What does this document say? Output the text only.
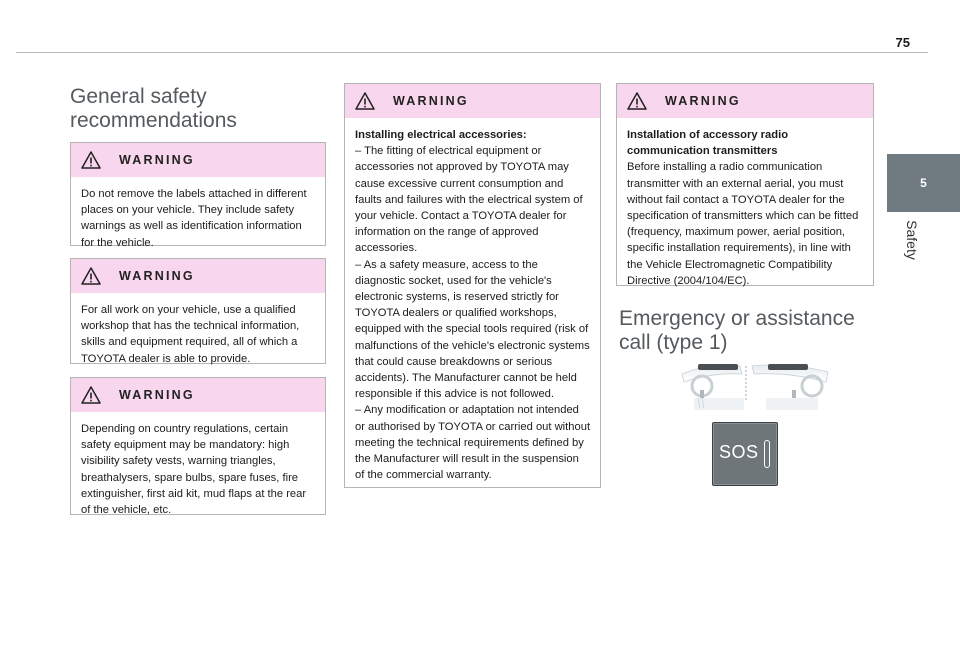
75
5
Safety
General safety
recommendations
WARNING

Do not remove the labels attached in different places on your vehicle. They include safety warnings as well as identification information for the vehicle.

WARNING

For all work on your vehicle, use a qualified workshop that has the technical information, skills and equipment required, all of which a TOYOTA dealer is able to provide.

WARNING

Depending on country regulations, certain safety equipment may be mandatory: high visibility safety vests, warning triangles, breathalysers, spare bulbs, spare fuses, fire extinguisher, first aid kit, mud flaps at the rear of the vehicle, etc.

WARNING

Installing electrical accessories:

– The fitting of electrical equipment or accessories not approved by TOYOTA may cause excessive current consumption and faults and failures with the electrical system of your vehicle. Contact a TOYOTA dealer for information on the range of approved accessories.

– As a safety measure, access to the diagnostic socket, used for the vehicle's electronic systems, is reserved strictly for TOYOTA dealers or qualified workshops, equipped with the special tools required (risk of malfunctions of the vehicle's electronic systems that could cause breakdowns or serious accidents). The Manufacturer cannot be held responsible if this advice is not followed.

– Any modification or adaptation not intended or authorised by TOYOTA or carried out without meeting the technical requirements defined by the Manufacturer will result in the suspension of the commercial warranty.

WARNING

Installation of accessory radio communication transmitters

Before installing a radio communication transmitter with an external aerial, you must without fail contact a TOYOTA dealer for the specification of transmitters which can be fitted (frequency, maximum power, aerial position, specific installation requirements), in line with the Vehicle Electromagnetic Compatibility Directive (2004/104/EC).

Emergency or assistance
call (type 1)
SOS
